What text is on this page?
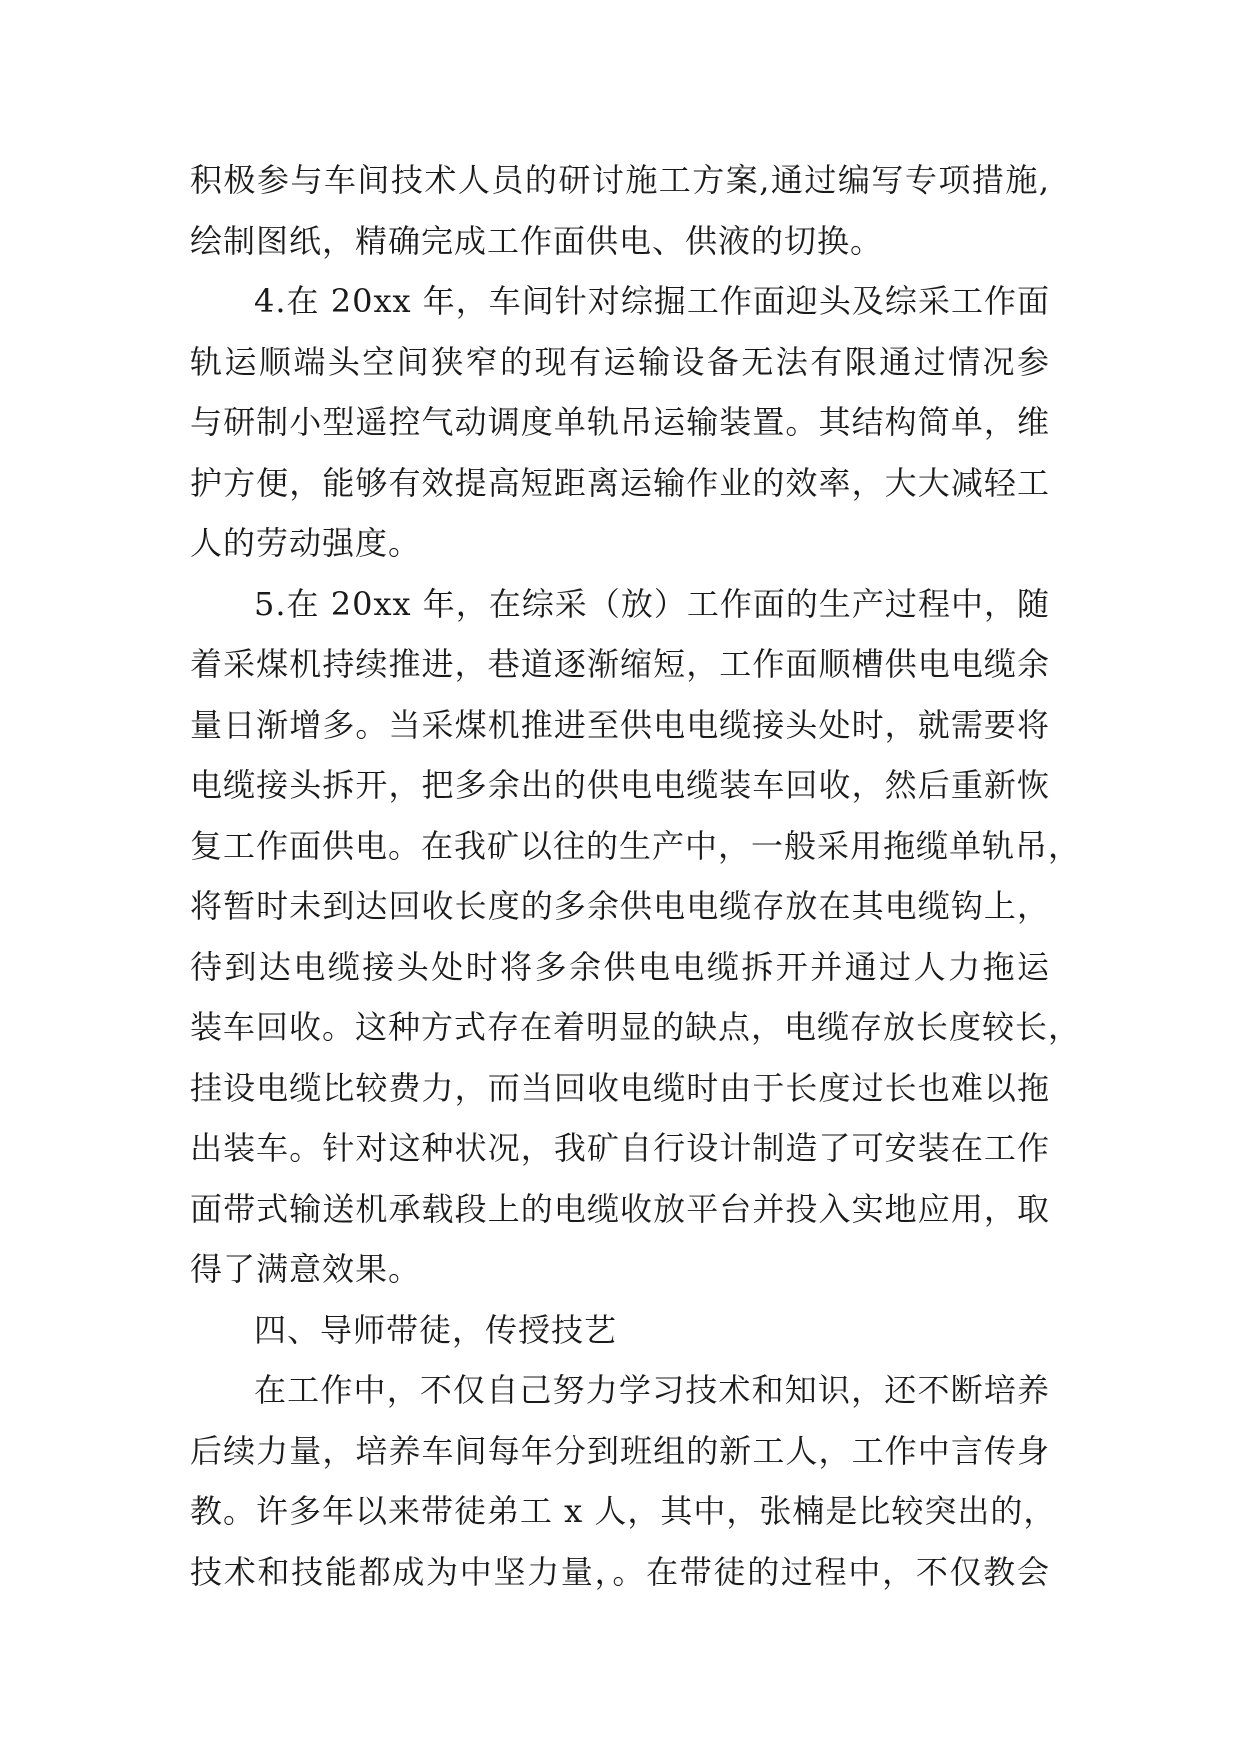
积极参与车间技术人员的研讨施工方案,通过编写专项措施,
绘制图纸，精确完成工作面供电、供液的切换。
4.在 20xx 年，车间针对综掘工作面迎头及综采工作面
轨运顺端头空间狭窄的现有运输设备无法有限通过情况参
与研制小型遥控气动调度单轨吊运输装置。其结构简单，维
护方便，能够有效提高短距离运输作业的效率，大大减轻工
人的劳动强度。
5.在 20xx 年，在综采（放）工作面的生产过程中，随
着采煤机持续推进，巷道逐渐缩短，工作面顺槽供电电缆余
量日渐增多。当采煤机推进至供电电缆接头处时，就需要将
电缆接头拆开，把多余出的供电电缆装车回收，然后重新恢
复工作面供电。在我矿以往的生产中，一般采用拖缆单轨吊，
将暂时未到达回收长度的多余供电电缆存放在其电缆钩上，
待到达电缆接头处时将多余供电电缆拆开并通过人力拖运
装车回收。这种方式存在着明显的缺点，电缆存放长度较长，
挂设电缆比较费力，而当回收电缆时由于长度过长也难以拖
出装车。针对这种状况，我矿自行设计制造了可安装在工作
面带式输送机承载段上的电缆收放平台并投入实地应用，取
得了满意效果。
四、导师带徒，传授技艺
在工作中，不仅自己努力学习技术和知识，还不断培养
后续力量，培养车间每年分到班组的新工人，工作中言传身
教。许多年以来带徒弟工 x 人，其中，张楠是比较突出的，
技术和技能都成为中坚力量，。在带徒的过程中，不仅教会
